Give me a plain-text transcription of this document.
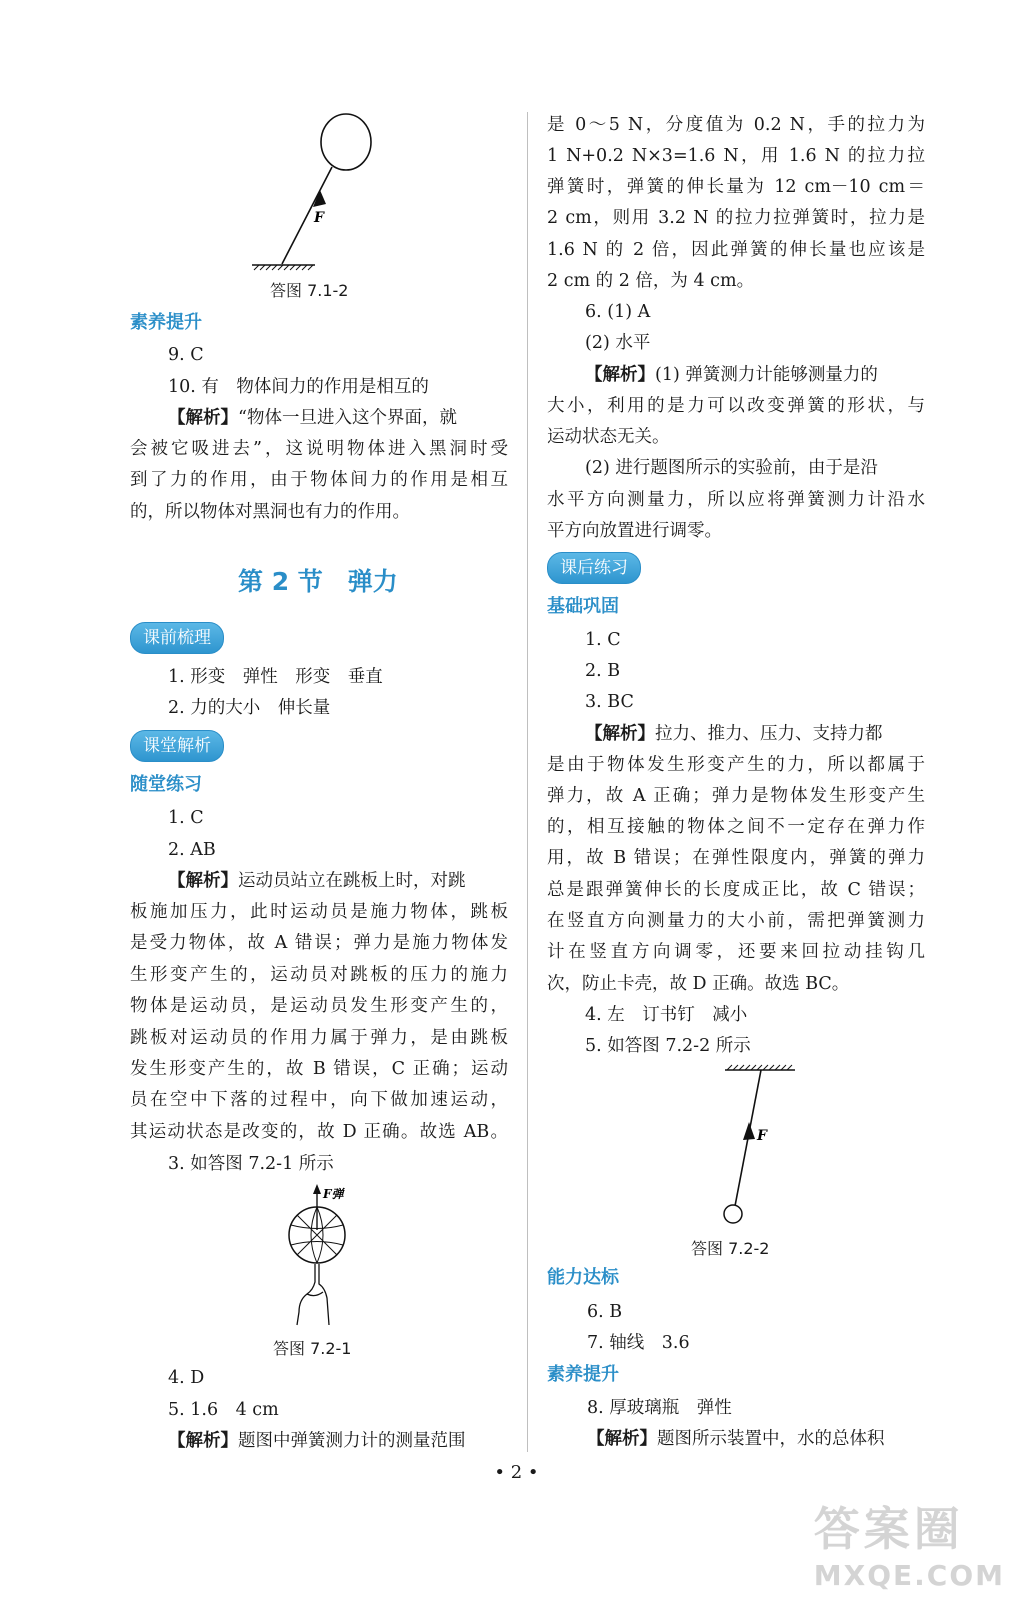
F
答图 7.1-2
素养提升
9. C
10. 有　物体间力的作用是相互的
【解析】“物体一旦进入这个界面，就
会被它吸进去”，这说明物体进入黑洞时受
到了力的作用，由于物体间力的作用是相互
的，所以物体对黑洞也有力的作用。
第 2 节　弹力
课前梳理
1. 形变　弹性　形变　垂直
2. 力的大小　伸长量
课堂解析
随堂练习
1. C
2. AB
【解析】运动员站立在跳板上时，对跳
板施加压力，此时运动员是施力物体，跳板
是受力物体，故 A 错误；弹力是施力物体发
生形变产生的，运动员对跳板的压力的施力
物体是运动员，是运动员发生形变产生的，
跳板对运动员的作用力属于弹力，是由跳板
发生形变产生的，故 B 错误，C 正确；运动
员在空中下落的过程中，向下做加速运动，
其运动状态是改变的，故 D 正确。故选 AB。
3. 如答图 7.2-1 所示
F弹
答图 7.2-1
4. D
5. 1.6　4 cm
【解析】题图中弹簧测力计的测量范围
是 0～5 N，分度值为 0.2 N，手的拉力为
1 N+0.2 N×3=1.6 N，用 1.6 N 的拉力拉
弹簧时，弹簧的伸长量为 12 cm－10 cm＝
2 cm，则用 3.2 N 的拉力拉弹簧时，拉力是
1.6 N 的 2 倍，因此弹簧的伸长量也应该是
2 cm 的 2 倍，为 4 cm。
6. (1) A
(2) 水平
【解析】(1) 弹簧测力计能够测量力的
大小，利用的是力可以改变弹簧的形状，与
运动状态无关。
(2) 进行题图所示的实验前，由于是沿
水平方向测量力，所以应将弹簧测力计沿水
平方向放置进行调零。
课后练习
基础巩固
1. C
2. B
3. BC
【解析】拉力、推力、压力、支持力都
是由于物体发生形变产生的力，所以都属于
弹力，故 A 正确；弹力是物体发生形变产生
的，相互接触的物体之间不一定存在弹力作
用，故 B 错误；在弹性限度内，弹簧的弹力
总是跟弹簧伸长的长度成正比，故 C 错误；
在竖直方向测量力的大小前，需把弹簧测力
计在竖直方向调零，还要来回拉动挂钩几
次，防止卡壳，故 D 正确。故选 BC。
4. 左　订书钉　减小
5. 如答图 7.2-2 所示
F
答图 7.2-2
能力达标
6. B
7. 轴线　3.6
素养提升
8. 厚玻璃瓶　弹性
【解析】题图所示装置中，水的总体积
• 2 •
答案圈
MXQE.COM
